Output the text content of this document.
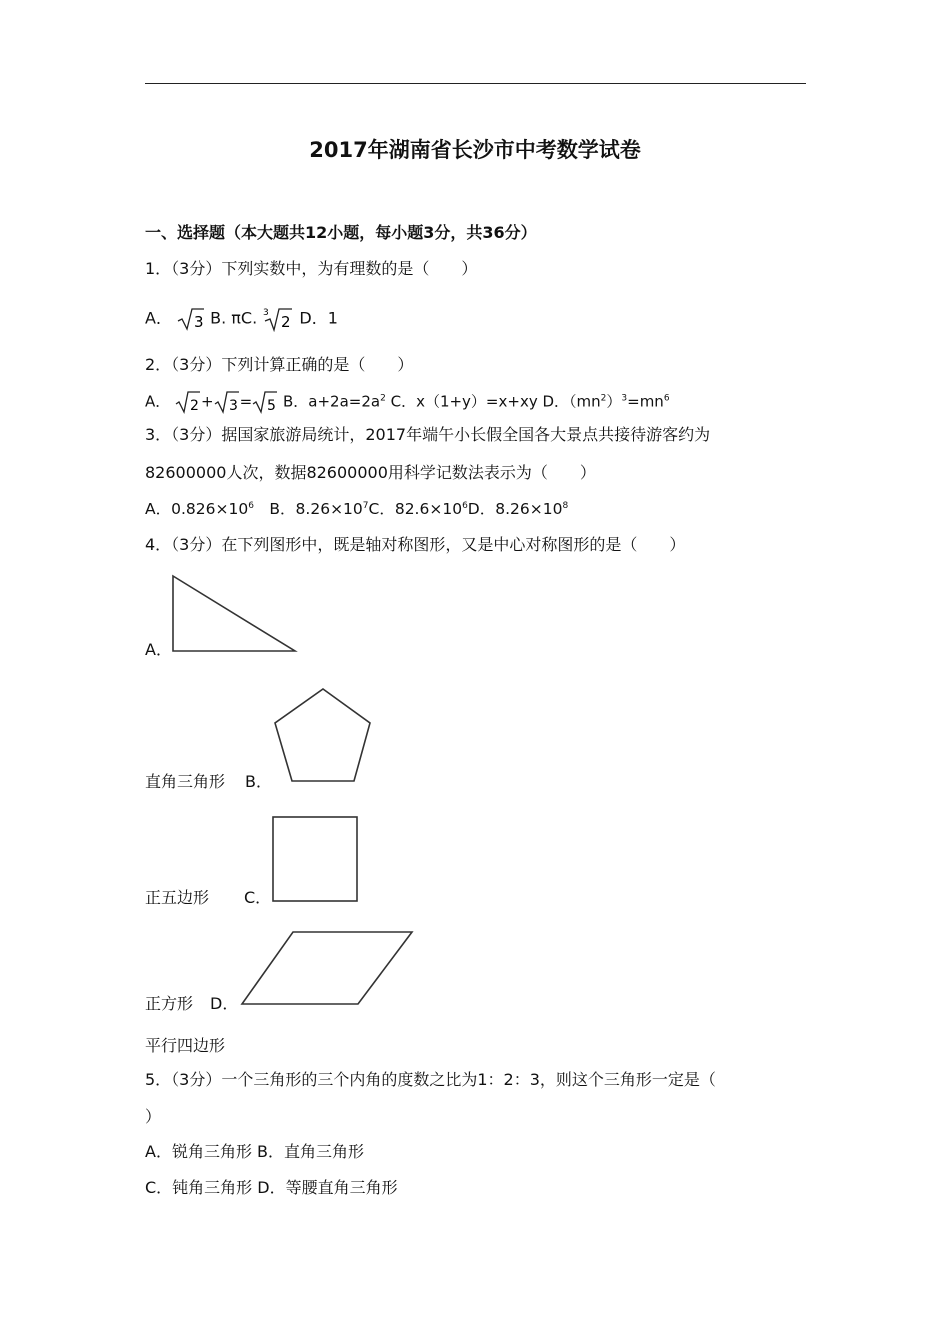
2017年湖南省长沙市中考数学试卷
一、选择题（本大题共12小题，每小题3分，共36分）
1．（3分）下列实数中，为有理数的是（　　）
A． 3 B. πC. 3 2 D．1
2．（3分）下列计算正确的是（　　）
A． 2 + 3 = 5 B．$a+2a=2a^2$ C．x（1+y）=x+xy D．$(mn^2)^3=mn^6$
3．（3分）据国家旅游局统计，2017年端午小长假全国各大景点共接待游客约为
82600000人次，数据82600000用科学记数法表示为（　　）
A．$0.826\times 10^6$　B．$8.26\times 10^7C$．$82.6\times 10^6D$．$8.26\times 10^8$
4．（3分）在下列图形中，既是轴对称图形，又是中心对称图形的是（　　）
A．
直角三角形 B．
正五边形 C．
正方形 D．
平行四边形
5．（3分）一个三角形的三个内角的度数之比为1：2：3，则这个三角形一定是（
）
A．锐角三角形 B．直角三角形
C．钝角三角形 D．等腰直角三角形
